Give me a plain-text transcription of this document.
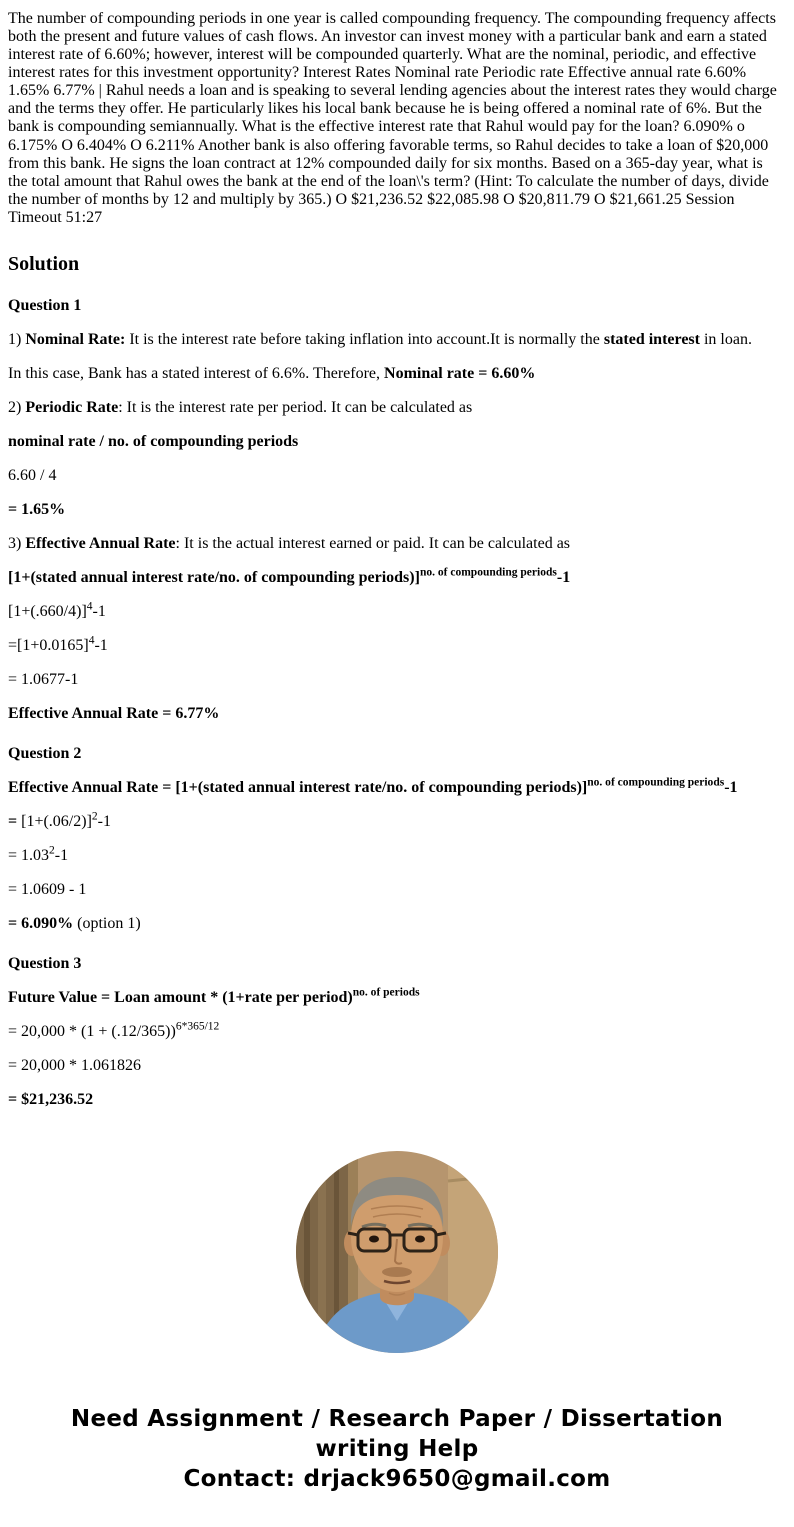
The number of compounding periods in one year is called compounding frequency. The compounding frequency affects both the present and future values of cash flows. An investor can invest money with a particular bank and earn a stated interest rate of 6.60%; however, interest will be compounded quarterly. What are the nominal, periodic, and effective interest rates for this investment opportunity? Interest Rates Nominal rate Periodic rate Effective annual rate 6.60% 1.65% 6.77% | Rahul needs a loan and is speaking to several lending agencies about the interest rates they would charge and the terms they offer. He particularly likes his local bank because he is being offered a nominal rate of 6%. But the bank is compounding semiannually. What is the effective interest rate that Rahul would pay for the loan? 6.090% o 6.175% O 6.404% O 6.211% Another bank is also offering favorable terms, so Rahul decides to take a loan of $20,000 from this bank. He signs the loan contract at 12% compounded daily for six months. Based on a 365-day year, what is the total amount that Rahul owes the bank at the end of the loan\'s term? (Hint: To calculate the number of days, divide the number of months by 12 and multiply by 365.) O $21,236.52 $22,085.98 O $20,811.79 O $21,661.25 Session Timeout 51:27

Solution
Question 1

1) Nominal Rate: It is the interest rate before taking inflation into account.It is normally the stated interest in loan.

In this case, Bank has a stated interest of 6.6%. Therefore, Nominal rate = 6.60%

2) Periodic Rate: It is the interest rate per period. It can be calculated as

nominal rate / no. of compounding periods

6.60 / 4

= 1.65%

3) Effective Annual Rate: It is the actual interest earned or paid. It can be calculated as

[1+(stated annual interest rate/no. of compounding periods)]$^{no. of compounding periods}$-1

$[1+(.660/4)]^4-1$

$=[1+0.0165]^4-1$

= 1.0677-1

Effective Annual Rate = 6.77%

Question 2

Effective Annual Rate = [1+(stated annual interest rate/no. of compounding periods)]$^{no. of compounding periods}$-1

= $[1+(.06/2)]^2-1$

= $1.03^2-1$

= 1.0609 - 1

= 6.090% (option 1)

Question 3

Future Value = Loan amount * (1+rate per period)$^{no. of periods}$

= $20,000 * (1 + (.12/365))^{6*365/12}$

= 20,000 * 1.061826

= $21,236.52

Need Assignment / Research Paper / Dissertation writing Help
Contact: drjack9650@gmail.com
